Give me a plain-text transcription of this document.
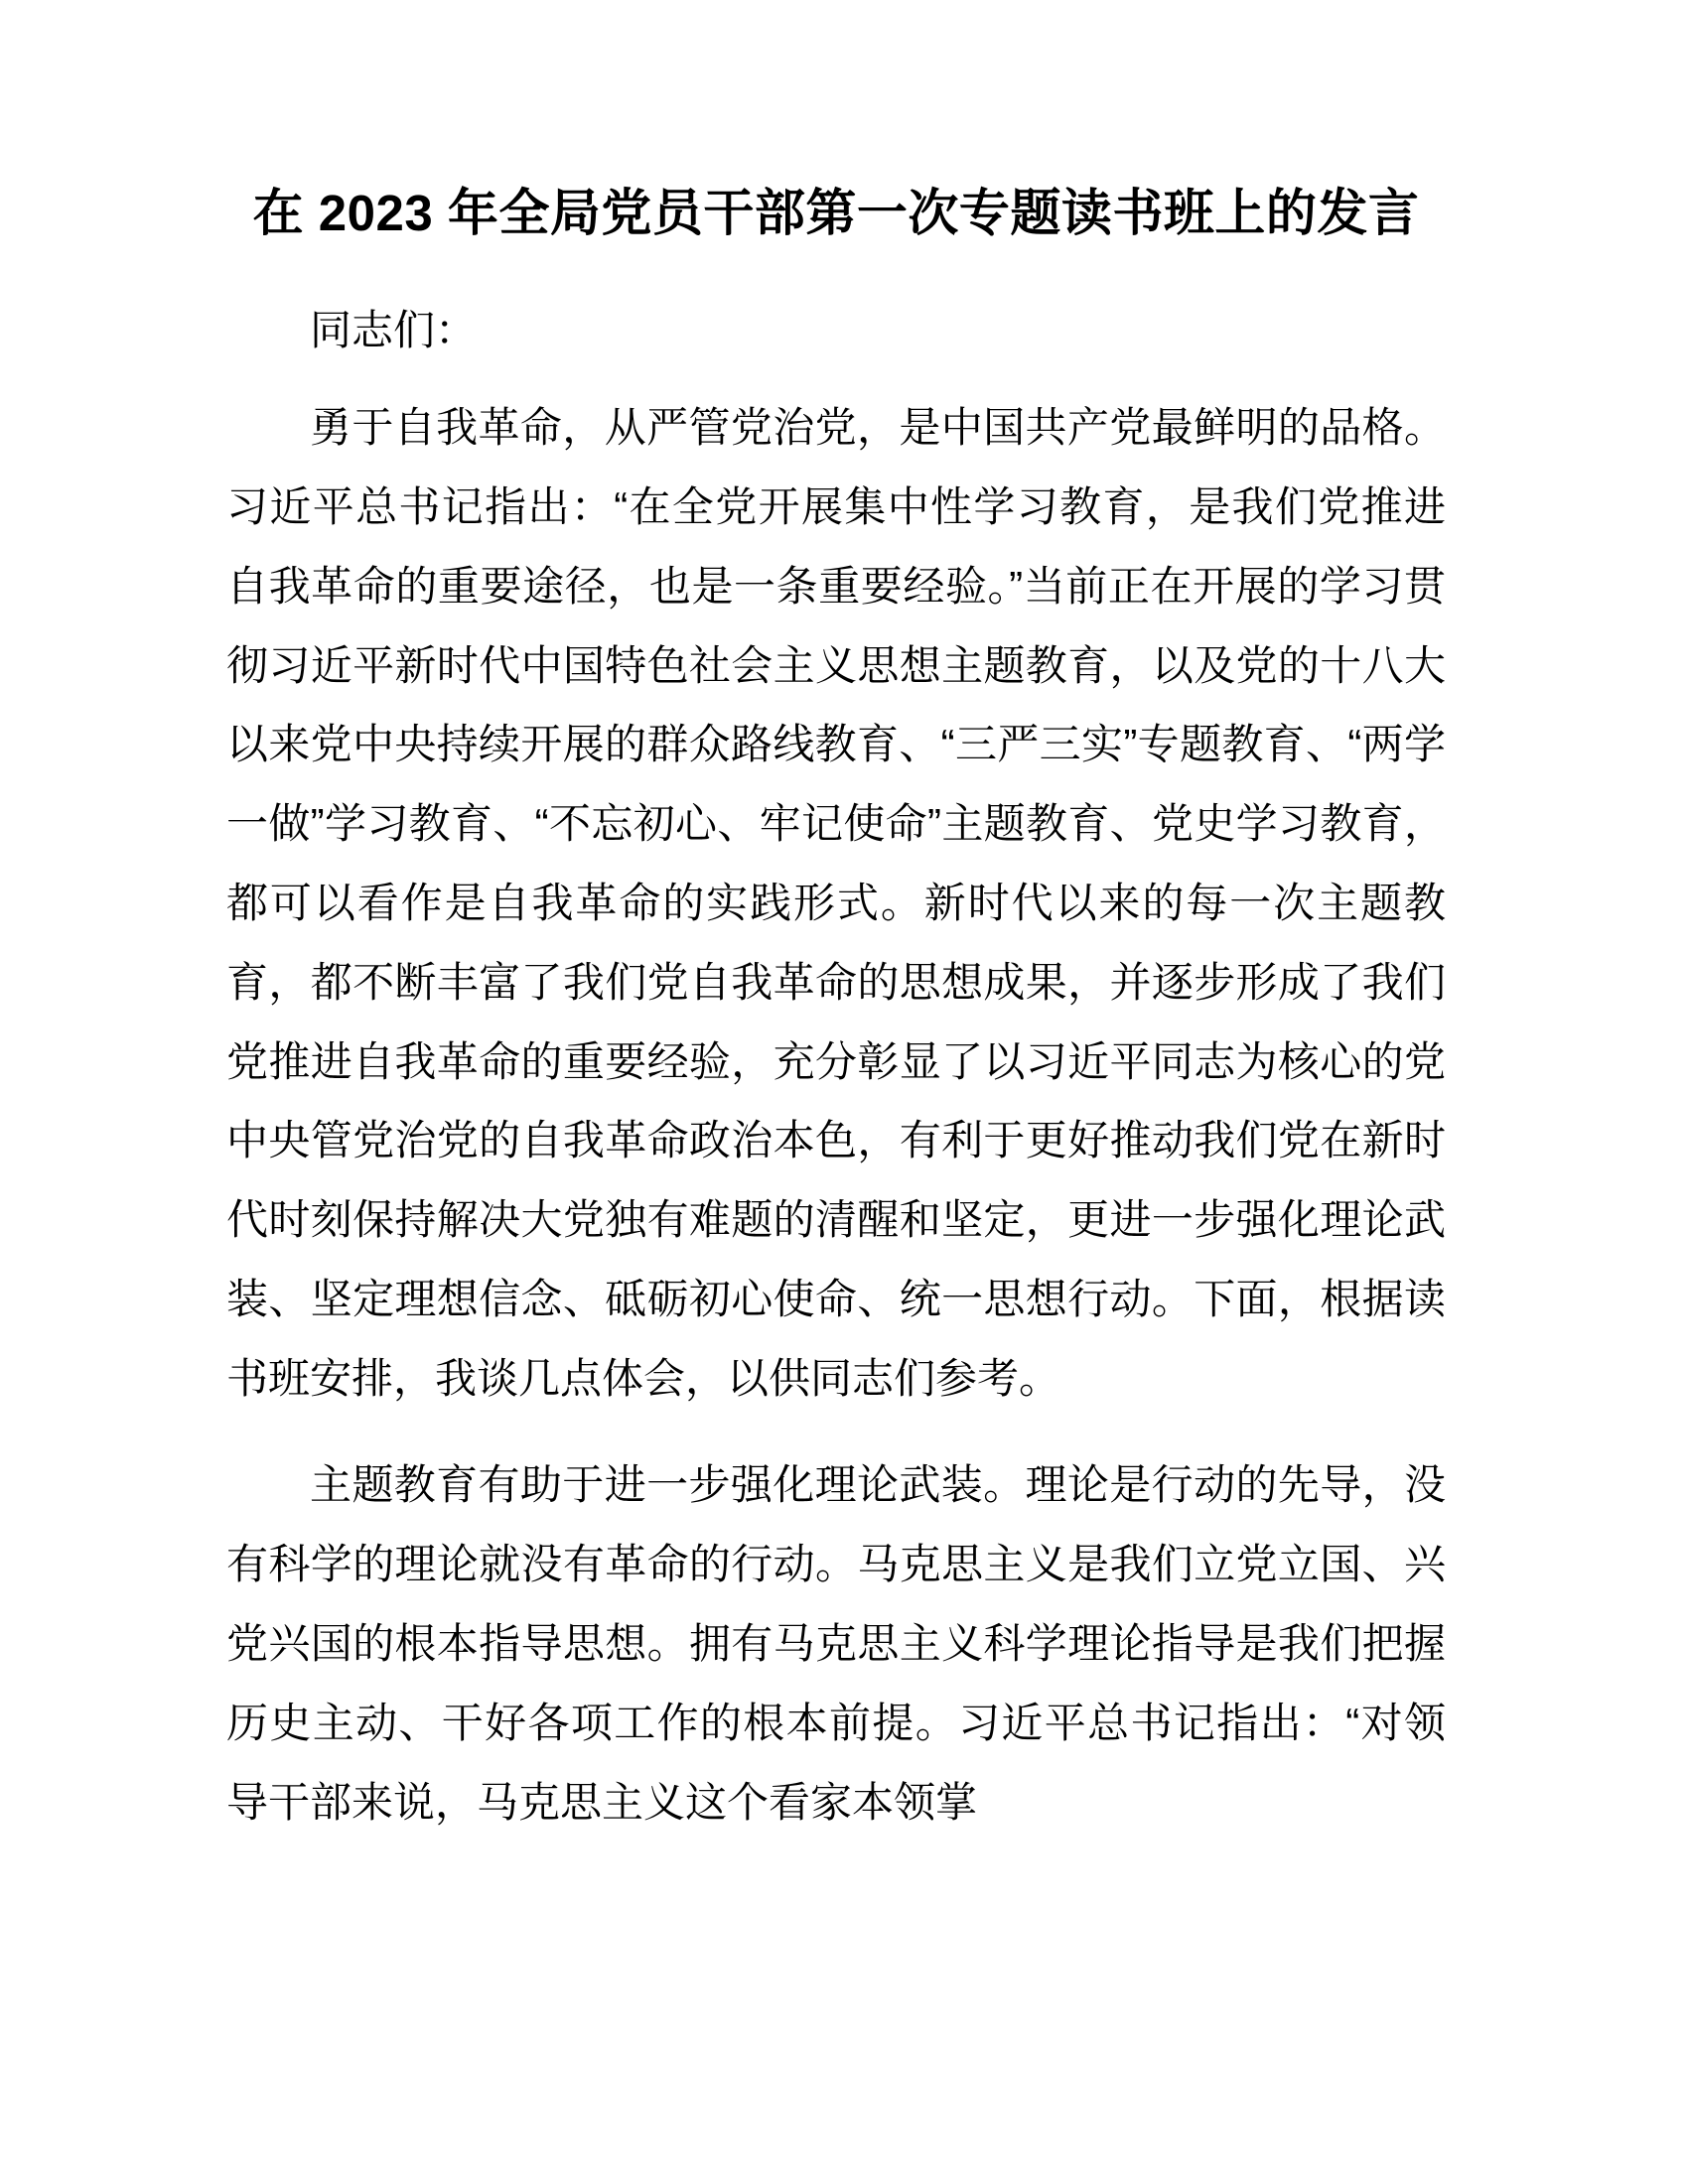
在 2023 年全局党员干部第一次专题读书班上的发言

同志们：

勇于自我革命，从严管党治党，是中国共产党最鲜明的品格。习近平总书记指出：“在全党开展集中性学习教育，是我们党推进自我革命的重要途径，也是一条重要经验。”当前正在开展的学习贯彻习近平新时代中国特色社会主义思想主题教育，以及党的十八大以来党中央持续开展的群众路线教育、“三严三实”专题教育、“两学一做”学习教育、“不忘初心、牢记使命”主题教育、党史学习教育，都可以看作是自我革命的实践形式。新时代以来的每一次主题教育，都不断丰富了我们党自我革命的思想成果，并逐步形成了我们党推进自我革命的重要经验，充分彰显了以习近平同志为核心的党中央管党治党的自我革命政治本色，有利于更好推动我们党在新时代时刻保持解决大党独有难题的清醒和坚定，更进一步强化理论武装、坚定理想信念、砥砺初心使命、统一思想行动。下面，根据读书班安排，我谈几点体会，以供同志们参考。

主题教育有助于进一步强化理论武装。理论是行动的先导，没有科学的理论就没有革命的行动。马克思主义是我们立党立国、兴党兴国的根本指导思想。拥有马克思主义科学理论指导是我们把握历史主动、干好各项工作的根本前提。习近平总书记指出：“对领导干部来说，马克思主义这个看家本领掌
